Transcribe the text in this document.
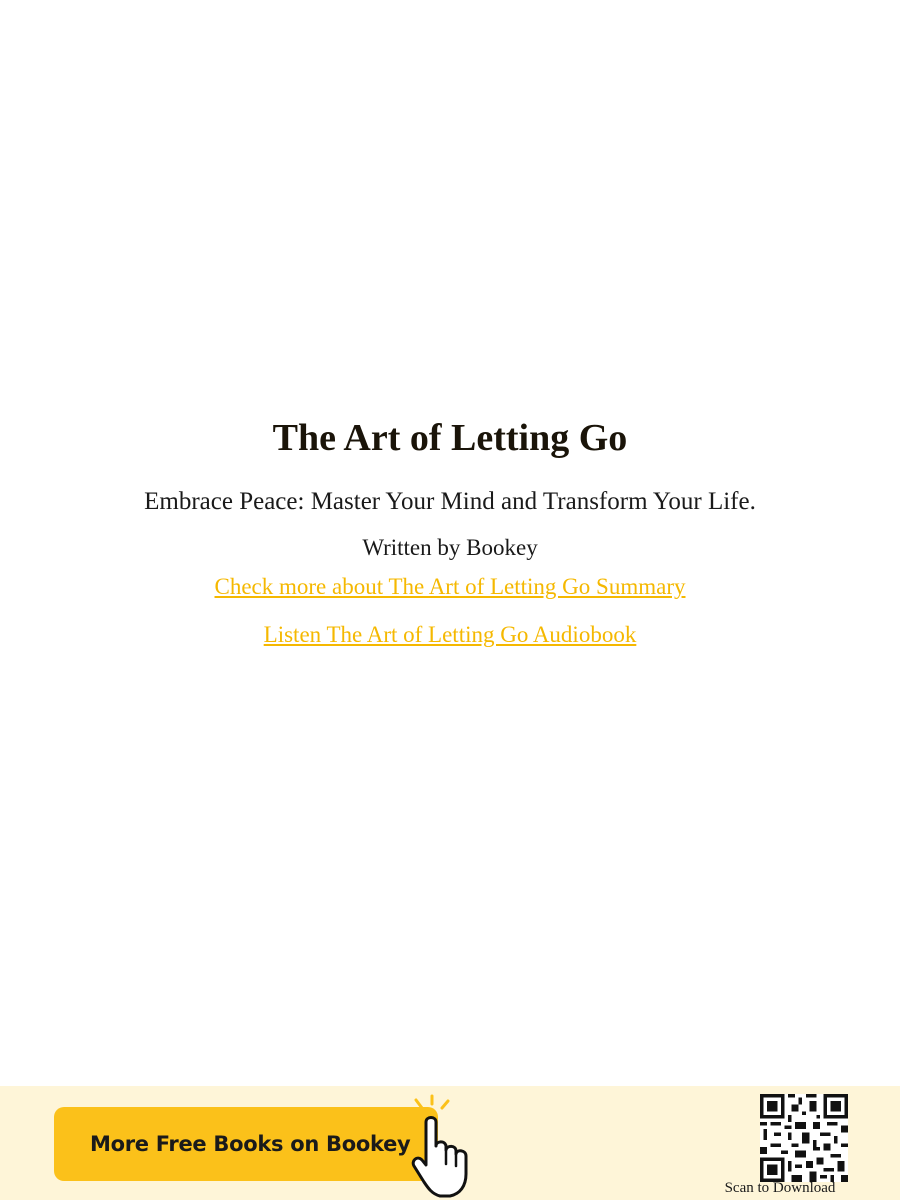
The Art of Letting Go
Embrace Peace: Master Your Mind and Transform Your Life.
Written by Bookey
Check more about The Art of Letting Go Summary
Listen The Art of Letting Go Audiobook
More Free Books on Bookey
Scan to Download
